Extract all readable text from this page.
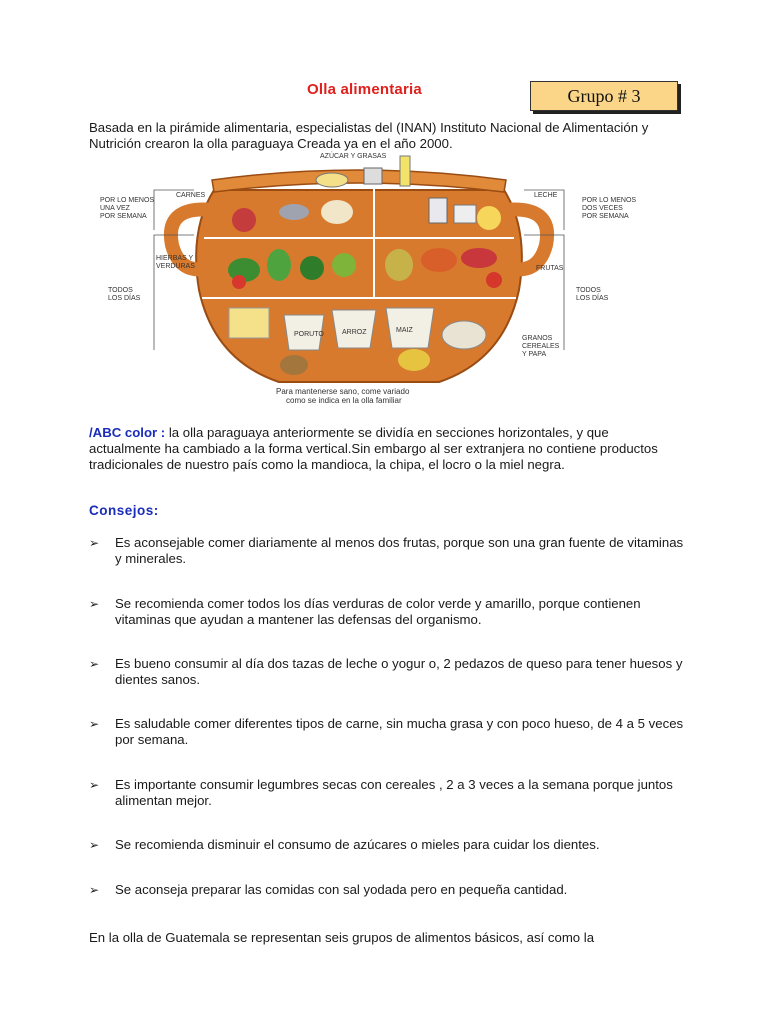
Olla alimentaria	Grupo # 3

Basada en la pirámide alimentaria, especialistas del (INAN) Instituto Nacional de Alimentación y Nutrición crearon la olla paraguaya Creada ya en el año 2000.

PORUTO	ARROZ	MAIZ
AZÚCAR Y GRASAS
CARNES
POR LO MENOS
UNA VEZ
POR SEMANA
LECHE
POR LO MENOS
DOS VECES
POR SEMANA
HIERBAS Y
VERDURAS
TODOS
LOS DÍAS
FRUTAS
TODOS
LOS DÍAS
GRANOS
CEREALES
Y PAPA
Para mantenerse sano, come variado
como se indica en la olla familiar

/ABC color : la olla paraguaya anteriormente se dividía en secciones horizontales, y que actualmente ha cambiado a la forma vertical.Sin embargo al ser extranjera no contiene productos tradicionales de nuestro país como la mandioca, la chipa, el locro o la miel negra.

Consejos:
➢ Es aconsejable comer diariamente al menos dos frutas, porque son una gran fuente de vitaminas y minerales.
➢ Se recomienda comer todos los días verduras de color verde y amarillo, porque contienen vitaminas que ayudan a mantener las defensas del organismo.
➢ Es bueno consumir al día dos tazas de leche o yogur o, 2 pedazos de queso para tener huesos y dientes sanos.
➢ Es saludable comer diferentes tipos de carne, sin mucha grasa y con poco hueso, de 4 a 5 veces por semana.
➢ Es importante consumir legumbres secas con cereales , 2 a 3 veces a la semana porque juntos alimentan mejor.
➢ Se recomienda disminuir el consumo de azúcares o mieles para cuidar los dientes.
➢ Se aconseja preparar las comidas con sal yodada pero en pequeña cantidad.

En la olla de Guatemala se representan seis grupos de alimentos básicos, así como la
